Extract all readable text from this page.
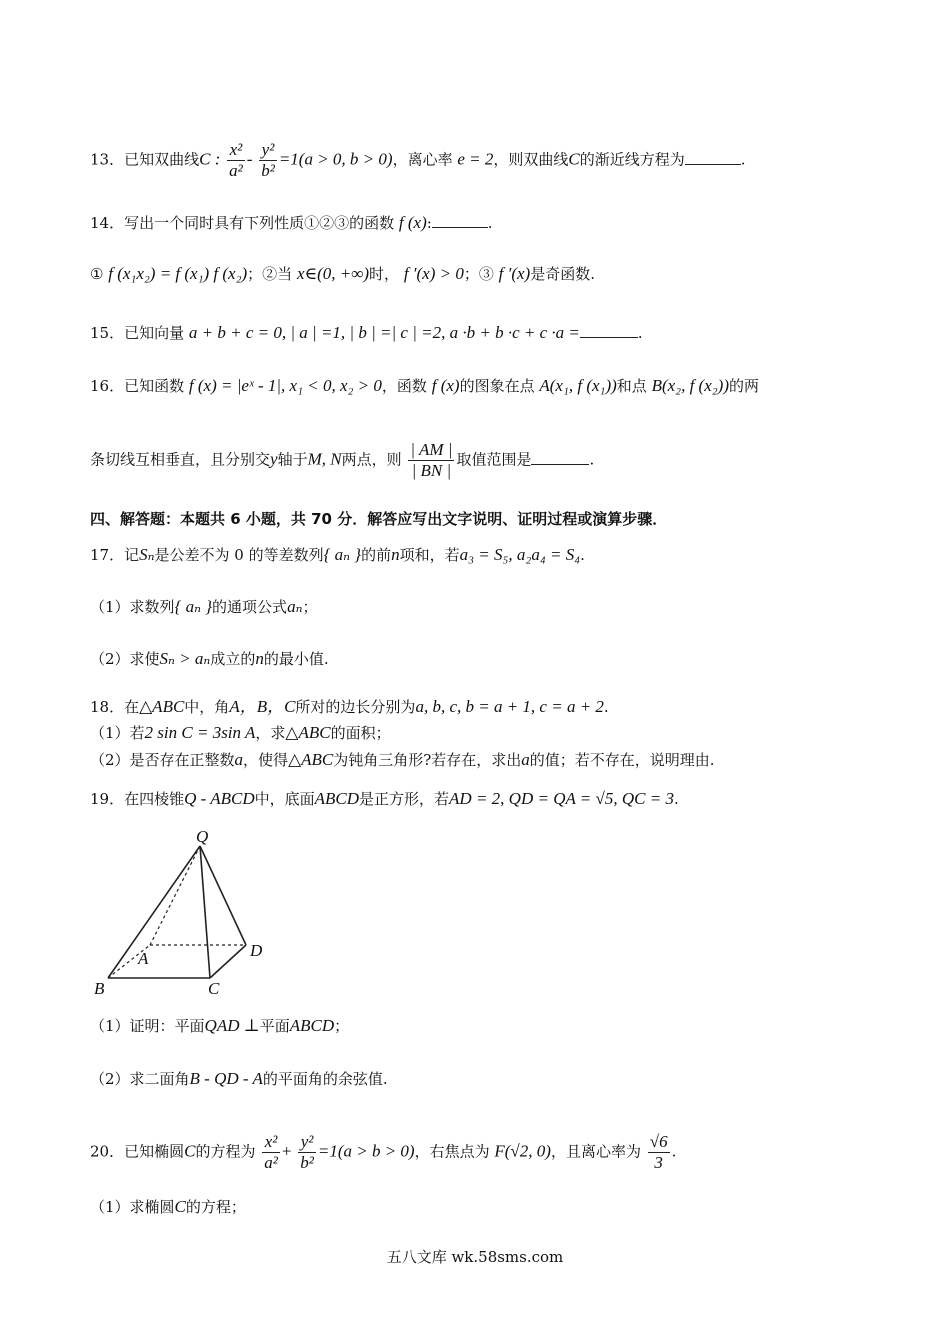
13．已知双曲线C : $\frac{\text{x²}}{\text{a²}} - \frac{\text{y²}}{\text{b²}} =1(a > 0$, b > 0)，离心率 e = 2，则双曲线C的渐近线方程为	.
14．写出一个同时具有下列性质①②③的函数 f (x):	.
① f (x₁x₂) = f (x₁) f (x₂)；②当 x∈(0, +∞)时， f ′(x) > 0；③ f ′(x)是奇函数.
15．已知向量 a + b + c = 0, | a | =1, | b | =| c | =2, a ·b + b ·c + c ·a =	.
16．已知函数 f (x) = |eˣ - 1|, x₁ < 0, x₂ > 0，函数 f (x)的图象在点 A(x₁, f (x₁))和点 B(x₂, f (x₂))的两
条切线互相垂直，且分别交y轴于M, N两点，则 $\frac{| AM |}{| BN |}$ 取值范围是	.
四、解答题：本题共 6 小题，共 70 分．解答应写出文字说明、证明过程或演算步骤．
17．记Sₙ是公差不为 0 的等差数列{ aₙ }的前n项和，若a₃ = S₅, a₂a₄ = S₄.
（1）求数列{ aₙ }的通项公式aₙ；
（2）求使Sₙ > aₙ成立的n的最小值.
18．在△ABC中，角A，B，C所对的边长分别为a, b, c, b = a + 1, c = a + 2.
（1）若2 sin C = 3sin A，求△ABC的面积；
（2）是否存在正整数a，使得△ABC为钝角三角形?若存在，求出a的值；若不存在，说明理由.
19．在四棱锥Q - ABCD中，底面ABCD是正方形，若AD = 2, QD = QA = √5, QC = 3.
Q
A
B	C
D
（1）证明：平面QAD ⊥平面ABCD；
（2）求二面角B - QD - A的平面角的余弦值.
20．已知椭圆C的方程为 $\frac{\text{x²}}{\text{a²}} + \frac{\text{y²}}{\text{b²}} =1(a > b > 0)$，右焦点为 F(√2, 0)，且离心率为 $\frac{√6}{3}$ .
（1）求椭圆C的方程；
五八文库 wk.58sms.com
